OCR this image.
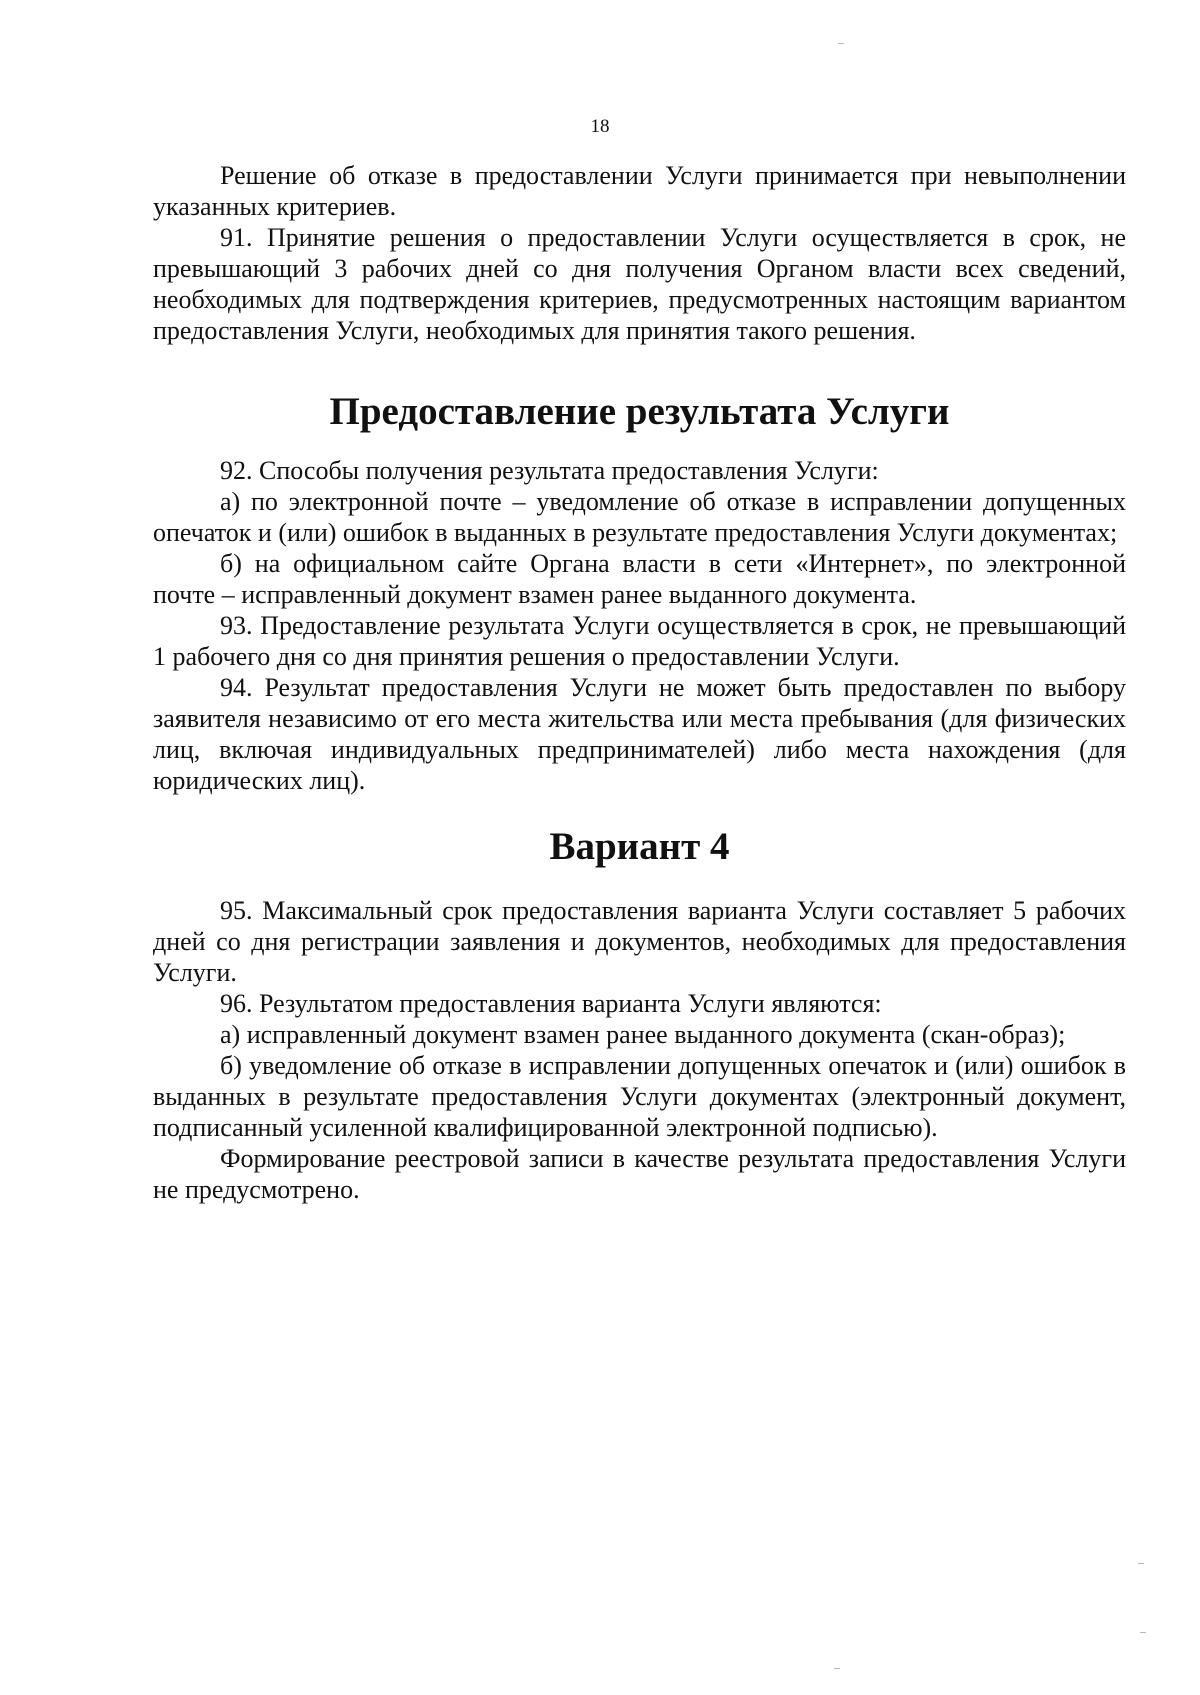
18

Решение об отказе в предоставлении Услуги принимается при невыполнении указанных критериев.

91. Принятие решения о предоставлении Услуги осуществляется в срок, не превышающий 3 рабочих дней со дня получения Органом власти всех сведений, необходимых для подтверждения критериев, предусмотренных настоящим вариантом предоставления Услуги, необходимых для принятия такого решения.

Предоставление результата Услуги

92. Способы получения результата предоставления Услуги:

а) по электронной почте – уведомление об отказе в исправлении допущенных опечаток и (или) ошибок в выданных в результате предоставления Услуги документах;

б) на официальном сайте Органа власти в сети «Интернет», по электронной почте – исправленный документ взамен ранее выданного документа.

93. Предоставление результата Услуги осуществляется в срок, не превышающий 1 рабочего дня со дня принятия решения о предоставлении Услуги.

94. Результат предоставления Услуги не может быть предоставлен по выбору заявителя независимо от его места жительства или места пребывания (для физических лиц, включая индивидуальных предпринимателей) либо места нахождения (для юридических лиц).

Вариант 4

95. Максимальный срок предоставления варианта Услуги составляет 5 рабочих дней со дня регистрации заявления и документов, необходимых для предоставления Услуги.

96. Результатом предоставления варианта Услуги являются:

а) исправленный документ взамен ранее выданного документа (скан-образ);

б) уведомление об отказе в исправлении допущенных опечаток и (или) ошибок в выданных в результате предоставления Услуги документах (электронный документ, подписанный усиленной квалифицированной электронной подписью).

Формирование реестровой записи в качестве результата предоставления Услуги не предусмотрено.
